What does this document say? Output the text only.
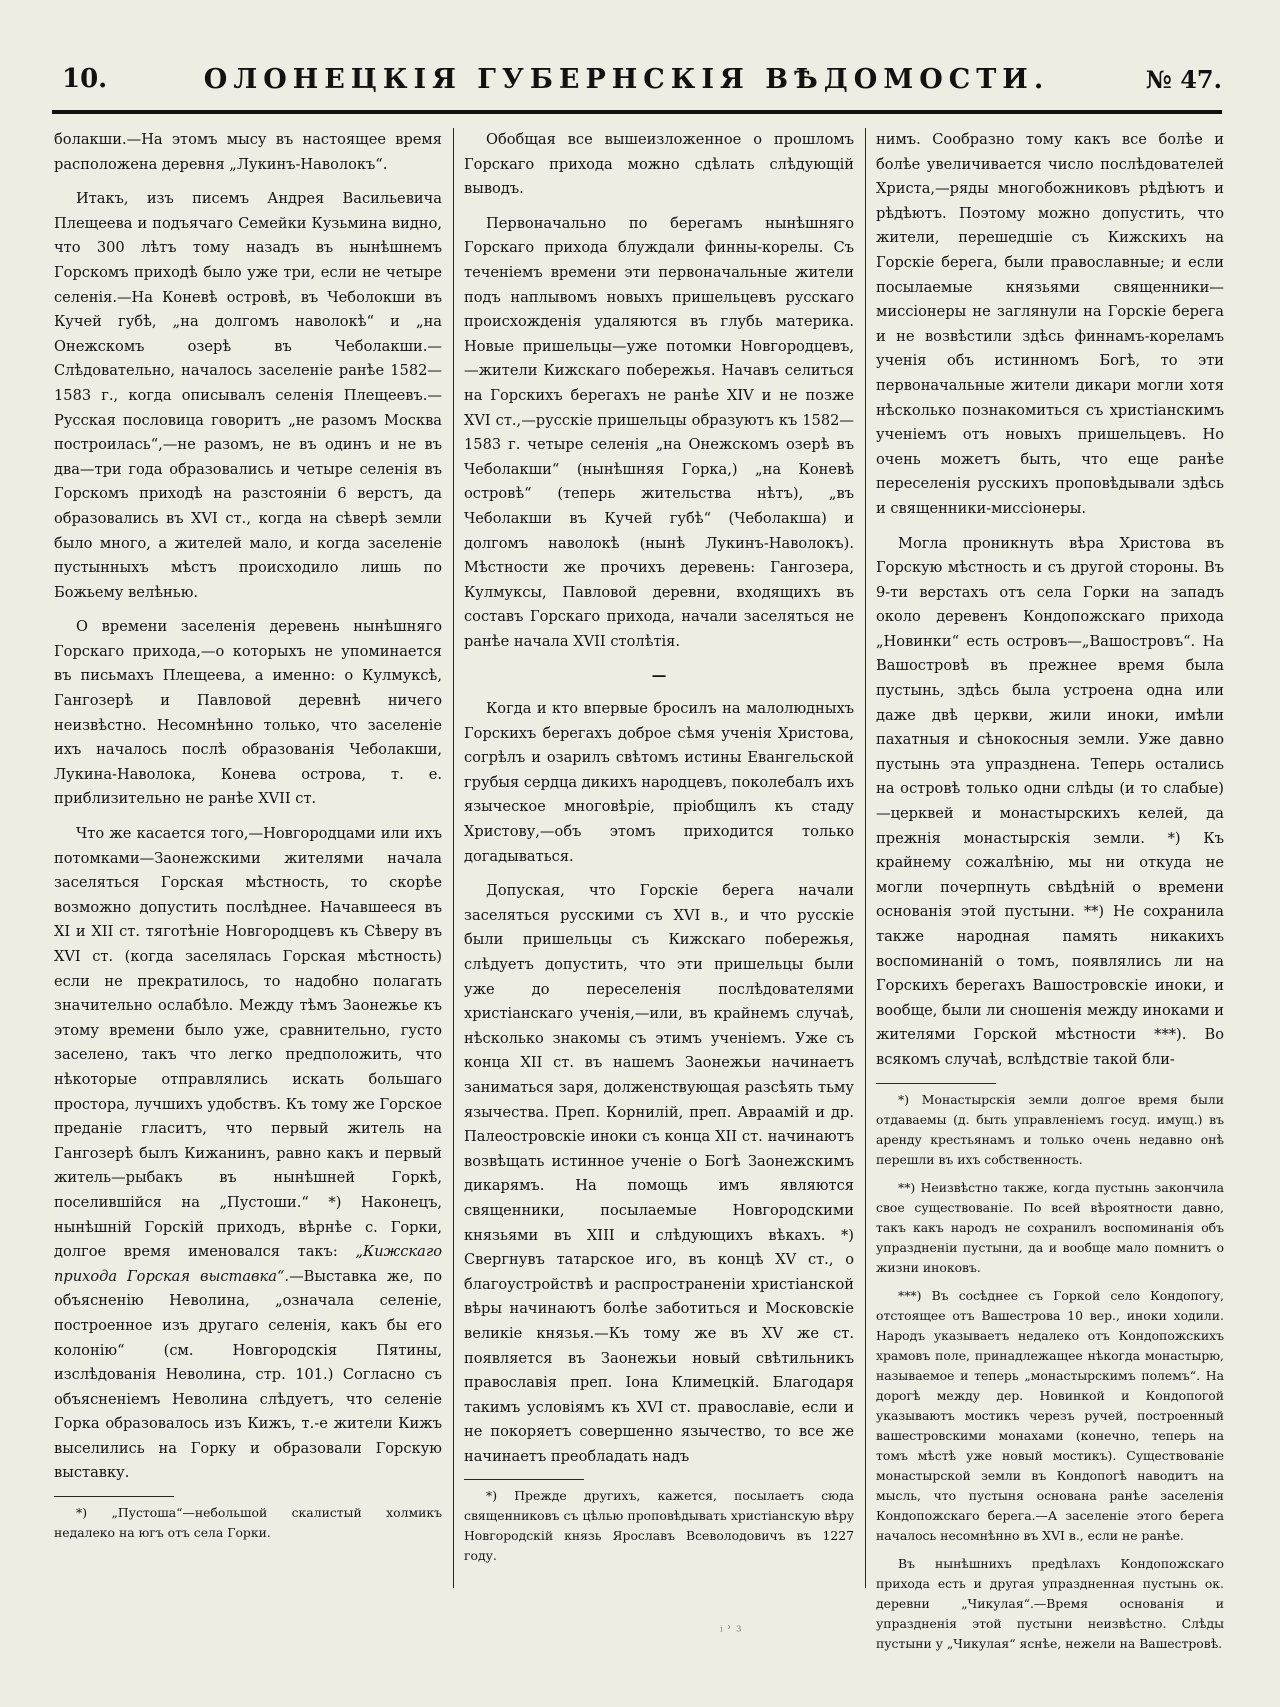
10.	ОЛОНЕЦКІЯ ГУБЕРНСКІЯ ВѢДОМОСТИ.	№ 47.

болакши.—На этомъ мысу въ настоящее время расположена деревня „Лукинъ-Наволокъ“.

Итакъ, изъ писемъ Андрея Васильевича Плещеева и подъячаго Семейки Кузьмина видно, что 300 лѣтъ тому назадъ въ нынѣшнемъ Горскомъ приходѣ было уже три, если не четыре селенія.—На Коневѣ островѣ, въ Чеболокши въ Кучей губѣ, „на долгомъ наволокѣ“ и „на Онежскомъ озерѣ въ Чеболакши.—Слѣдовательно, началось заселеніе ранѣе 1582—1583 г., когда описывалъ селенія Плещеевъ.—Русская пословица говоритъ „не разомъ Москва построилась“,—не разомъ, не въ одинъ и не въ два—три года образовались и четыре селенія въ Горскомъ приходѣ на разстояніи 6 верстъ, да образовались въ XVI ст., когда на сѣверѣ земли было много, а жителей мало, и когда заселеніе пустынныхъ мѣстъ происходило лишь по Божьему велѣнью.

О времени заселенія деревень нынѣшняго Горскаго прихода,—о которыхъ не упоминается въ письмахъ Плещеева, а именно: о Кулмуксѣ, Гангозерѣ и Павловой деревнѣ ничего неизвѣстно. Несомнѣнно только, что заселеніе ихъ началось послѣ образованія Чеболакши, Лукина-Наволока, Конева острова, т. е. приблизительно не ранѣе XVII ст.

Что же касается того,—Новгородцами или ихъ потомками—Заонежскими жителями начала заселяться Горская мѣстность, то скорѣе возможно допустить послѣднее. Начавшееся въ XI и XII ст. тяготѣніе Новгородцевъ къ Сѣверу въ XVI ст. (когда заселялась Горская мѣстность) если не прекратилось, то надобно полагать значительно ослабѣло. Между тѣмъ Заонежье къ этому времени было уже, сравнительно, густо заселено, такъ что легко предположить, что нѣкоторые отправлялись искать большаго простора, лучшихъ удобствъ. Къ тому же Горское преданіе гласитъ, что первый житель на Гангозерѣ былъ Кижанинъ, равно какъ и первый житель—рыбакъ въ нынѣшней Горкѣ, поселившійся на „Пустоши.“ *) Наконецъ, нынѣшній Горскій приходъ, вѣрнѣе с. Горки, долгое время именовался такъ: „Кижскаго прихода Горская выставка“.—Выставка же, по объясненію Неволина, „означала селеніе, построенное изъ другаго селенія, какъ бы его колонію“ (см. Новгородскія Пятины, изслѣдованія Неволина, стр. 101.) Согласно съ объясненіемъ Неволина слѣдуетъ, что селеніе Горка образовалось изъ Кижъ, т.-е жители Кижъ выселились на Горку и образовали Горскую выставку.

*) „Пустоша“—небольшой скалистый холмикъ недалеко на югъ отъ села Горки.

Обобщая все вышеизложенное о прошломъ Горскаго прихода можно сдѣлать слѣдующій выводъ.

Первоначально по берегамъ нынѣшняго Горскаго прихода блуждали финны-корелы. Съ теченіемъ времени эти первоначальные жители подъ наплывомъ новыхъ пришельцевъ русскаго происхожденія удаляются въ глубь материка. Новые пришельцы—уже потомки Новгородцевъ,—жители Кижскаго побережья. Начавъ селиться на Горскихъ берегахъ не ранѣе XIV и не позже XVI ст.,—русскіе пришельцы образуютъ къ 1582—1583 г. четыре селенія „на Онежскомъ озерѣ въ Чеболакши“ (нынѣшняя Горка,) „на Коневѣ островѣ“ (теперь жительства нѣтъ), „въ Чеболакши въ Кучей губѣ“ (Чеболакша) и долгомъ наволокѣ (нынѣ Лукинъ-Наволокъ). Мѣстности же прочихъ деревень: Гангозера, Кулмуксы, Павловой деревни, входящихъ въ составъ Горскаго прихода, начали заселяться не ранѣе начала XVII столѣтія.

—

Когда и кто впервые бросилъ на малолюдныхъ Горскихъ берегахъ доброе сѣмя ученія Христова, согрѣлъ и озарилъ свѣтомъ истины Евангельской грубыя сердца дикихъ народцевъ, поколебалъ ихъ языческое многовѣріе, пріобщилъ къ стаду Христову,—объ этомъ приходится только догадываться.

Допуская, что Горскіе берега начали заселяться русскими съ XVI в., и что русскіе были пришельцы съ Кижскаго побережья, слѣдуетъ допустить, что эти пришельцы были уже до переселенія послѣдователями христіанскаго ученія,—или, въ крайнемъ случаѣ, нѣсколько знакомы съ этимъ ученіемъ. Уже съ конца XII ст. въ нашемъ Заонежьи начинаетъ заниматься заря, долженствующая разсѣять тьму язычества. Преп. Корнилій, преп. Авраамій и др. Палеостровскіе иноки съ конца XII ст. начинаютъ возвѣщать истинное ученіе о Богѣ Заонежскимъ дикарямъ. На помощь имъ являются священники, посылаемые Новгородскими князьями въ XIII и слѣдующихъ вѣкахъ. *) Свергнувъ татарское иго, въ концѣ XV ст., о благоустройствѣ и распространеніи христіанской вѣры начинаютъ болѣе заботиться и Московскіе великіе князья.—Къ тому же въ XV же ст. появляется въ Заонежьи новый свѣтильникъ православія преп. Іона Климецкій. Благодаря такимъ условіямъ къ XVI ст. православіе, если и не покоряетъ совершенно язычество, то все же начинаетъ преобладать надъ

*) Прежде другихъ, кажется, посылаетъ сюда священниковъ съ цѣлью проповѣдывать христіанскую вѣру Новгородскій князь Ярославъ Всеволодовичъ въ 1227 году.

нимъ. Сообразно тому какъ все болѣе и болѣе увеличивается число послѣдователей Христа,—ряды многобожниковъ рѣдѣютъ и рѣдѣютъ. Поэтому можно допустить, что жители, перешедшіе съ Кижскихъ на Горскіе берега, были православные; и если посылаемые князьями священники—миссіонеры не заглянули на Горскіе берега и не возвѣстили здѣсь финнамъ-кореламъ ученія объ истинномъ Богѣ, то эти первоначальные жители дикари могли хотя нѣсколько познакомиться съ христіанскимъ ученіемъ отъ новыхъ пришельцевъ. Но очень можетъ быть, что еще ранѣе переселенія русскихъ проповѣдывали здѣсь и священники-миссіонеры.

Могла проникнуть вѣра Христова въ Горскую мѣстность и съ другой стороны. Въ 9-ти верстахъ отъ села Горки на западъ около деревенъ Кондопожскаго прихода „Новинки“ есть островъ—„Вашостровъ“. На Вашостровѣ въ прежнее время была пустынь, здѣсь была устроена одна или даже двѣ церкви, жили иноки, имѣли пахатныя и сѣнокосныя земли. Уже давно пустынь эта упразднена. Теперь остались на островѣ только одни слѣды (и то слабые)—церквей и монастырскихъ келей, да прежнія монастырскія земли. *) Къ крайнему сожалѣнію, мы ни откуда не могли почерпнуть свѣдѣній о времени основанія этой пустыни. **) Не сохранила также народная память никакихъ воспоминаній о томъ, появлялись ли на Горскихъ берегахъ Вашостровскіе иноки, и вообще, были ли сношенія между иноками и жителями Горской мѣстности ***). Во всякомъ случаѣ, вслѣдствіе такой бли-

*) Монастырскія земли долгое время были отдаваемы (д. быть управленіемъ госуд. имущ.) въ аренду крестьянамъ и только очень недавно онѣ перешли въ ихъ собственность.

**) Неизвѣстно также, когда пустынь закончила свое существованіе. По всей вѣроятности давно, такъ какъ народъ не сохранилъ воспоминанія объ упраздненіи пустыни, да и вообще мало помнитъ о жизни иноковъ.

***) Въ сосѣднее съ Горкой село Кондопогу, отстоящее отъ Вашестрова 10 вер., иноки ходили. Народъ указываетъ недалеко отъ Кондопожскихъ храмовъ поле, принадлежащее нѣкогда монастырю, называемое и теперь „монастырскимъ полемъ“. На дорогѣ между дер. Новинкой и Кондопогой указываютъ мостикъ черезъ ручей, построенный вашестровскими монахами (конечно, теперь на томъ мѣстѣ уже новый мостикъ). Существованіе монастырской земли въ Кондопогѣ наводитъ на мысль, что пустыня основана ранѣе заселенія Кондопожскаго берега.—А заселеніе этого берега началось несомнѣнно въ XVI в., если не ранѣе.

Въ нынѣшнихъ предѣлахъ Кондопожскаго прихода есть и другая упраздненная пустынь ок. деревни „Чикулая“.—Время основанія и упраздненія этой пустыни неизвѣстно. Слѣды пустыни у „Чикулая“ яснѣе, нежели на Вашестровѣ.

ⁱ ʾ ³
